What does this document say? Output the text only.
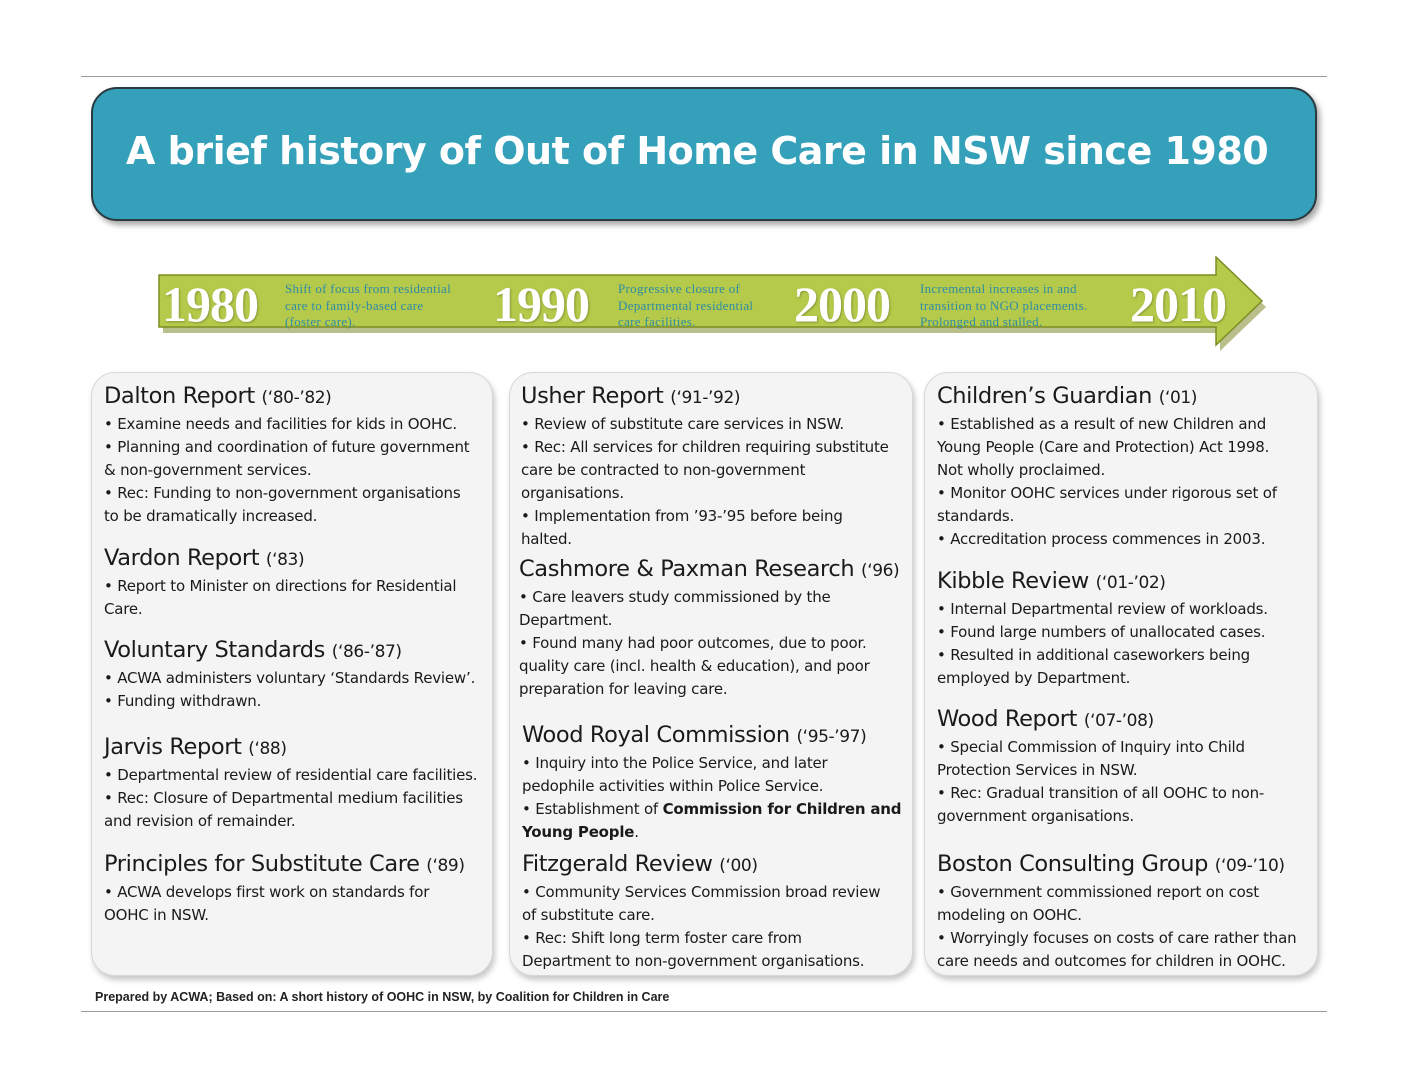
A brief history of Out of Home Care in NSW since 1980
1980 Shift of focus from residential
care to family-based care
(foster care).	1990 Progressive closure of
Departmental residential
care facilities.	2000 Incremental increases in and
transition to NGO placements.
Prolonged and stalled.	2010
Dalton Report (‘80-’82)
• Examine needs and facilities for kids in OOHC.
• Planning and coordination of future government
& non-government services.
• Rec: Funding to non-government organisations
to be dramatically increased.
Vardon Report (‘83)
• Report to Minister on directions for Residential
Care.
Voluntary Standards (‘86-’87)
• ACWA administers voluntary ‘Standards Review’.
• Funding withdrawn.
Jarvis Report (‘88)
• Departmental review of residential care facilities.
• Rec: Closure of Departmental medium facilities
and revision of remainder.
Principles for Substitute Care (‘89)
• ACWA develops first work on standards for
OOHC in NSW.
Usher Report (‘91-’92)
• Review of substitute care services in NSW.
• Rec: All services for children requiring substitute
care be contracted to non-government
organisations.
• Implementation from ’93-’95 before being
halted.
Cashmore & Paxman Research (‘96)
• Care leavers study commissioned by the
Department.
• Found many had poor outcomes, due to poor.
quality care (incl. health & education), and poor
preparation for leaving care.
Wood Royal Commission (‘95-’97)
• Inquiry into the Police Service, and later
pedophile activities within Police Service.
• Establishment of Commission for Children and
Young People.
Fitzgerald Review (‘00)
• Community Services Commission broad review
of substitute care.
• Rec: Shift long term foster care from
Department to non-government organisations.
Children’s Guardian (‘01)
• Established as a result of new Children and
Young People (Care and Protection) Act 1998.
Not wholly proclaimed.
• Monitor OOHC services under rigorous set of
standards.
• Accreditation process commences in 2003.
Kibble Review (‘01-’02)
• Internal Departmental review of workloads.
• Found large numbers of unallocated cases.
• Resulted in additional caseworkers being
employed by Department.
Wood Report (‘07-’08)
• Special Commission of Inquiry into Child
Protection Services in NSW.
• Rec: Gradual transition of all OOHC to non-
government organisations.
Boston Consulting Group (‘09-’10)
• Government commissioned report on cost
modeling on OOHC.
• Worryingly focuses on costs of care rather than
care needs and outcomes for children in OOHC.
Prepared by ACWA; Based on: A short history of OOHC in NSW, by Coalition for Children in Care
